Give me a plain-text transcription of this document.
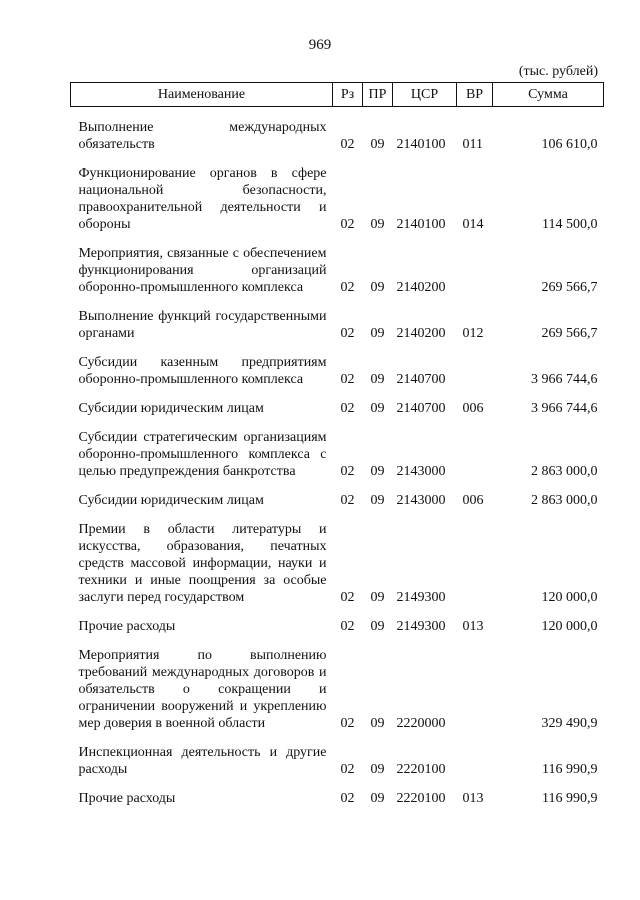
969
(тыс. рублей)
Наименование	Рз	ПР	ЦСР	ВР	Сумма
Выполнение международных обязательств	02	09	2140100	011	106 610,0
Функционирование органов в сфере национальной безопасности, правоохранительной деятельности и обороны	02	09	2140100	014	114 500,0
Мероприятия, связанные с обеспечением функционирования организаций оборонно-промышленного комплекса	02	09	2140200		269 566,7
Выполнение функций государственными органами	02	09	2140200	012	269 566,7
Субсидии казенным предприятиям оборонно-промышленного комплекса	02	09	2140700		3 966 744,6
Субсидии юридическим лицам	02	09	2140700	006	3 966 744,6
Субсидии стратегическим организациям оборонно-промышленного комплекса с целью предупреждения банкротства	02	09	2143000		2 863 000,0
Субсидии юридическим лицам	02	09	2143000	006	2 863 000,0
Премии в области литературы и искусства, образования, печатных средств массовой информации, науки и техники и иные поощрения за особые заслуги перед государством	02	09	2149300		120 000,0
Прочие расходы	02	09	2149300	013	120 000,0
Мероприятия по выполнению требований международных договоров и обязательств о сокращении и ограничении вооружений и укреплению мер доверия в военной области	02	09	2220000		329 490,9
Инспекционная деятельность и другие расходы	02	09	2220100		116 990,9
Прочие расходы	02	09	2220100	013	116 990,9
